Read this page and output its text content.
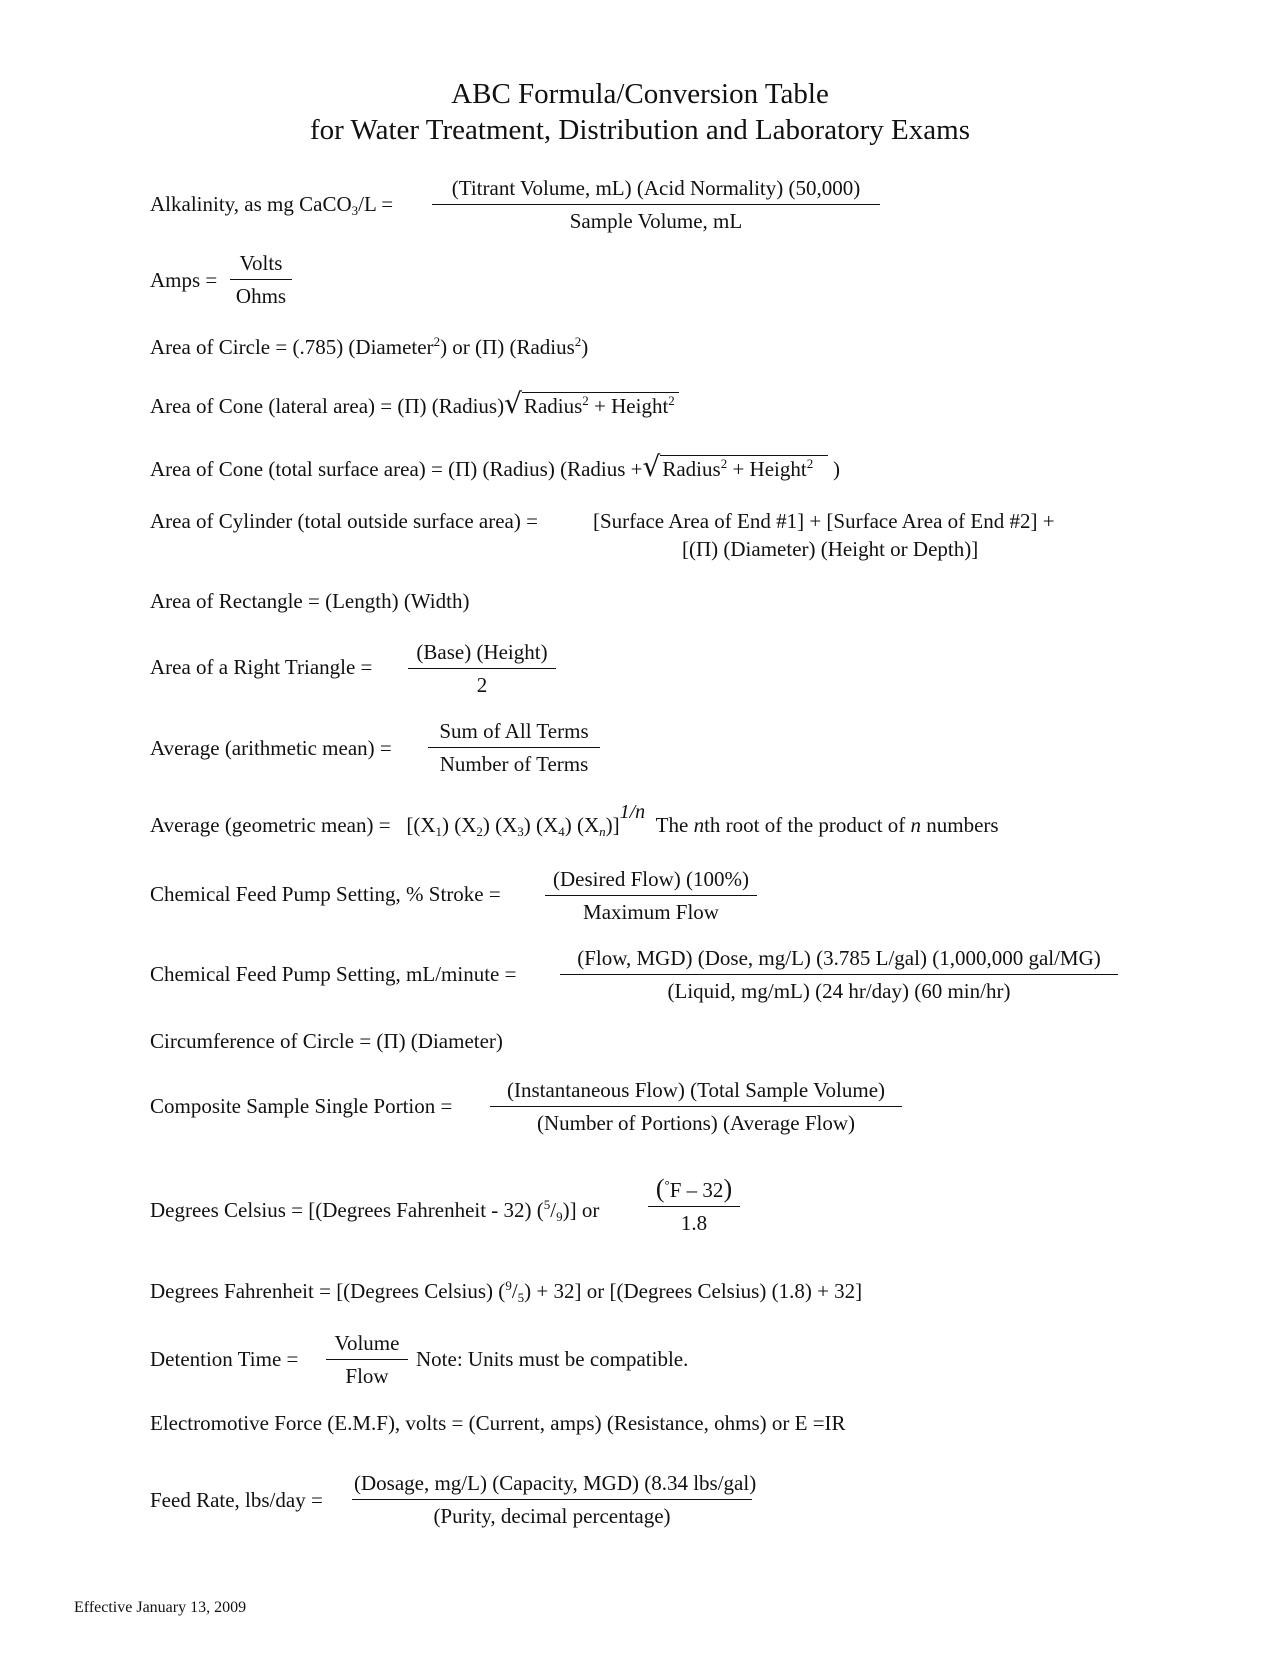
ABC Formula/Conversion Table
for Water Treatment, Distribution and Laboratory Exams
Alkalinity, as mg CaCO$_3$/L =
(Titrant Volume, mL) (Acid Normality) (50,000)
Sample Volume, mL
Amps =
Volts
Ohms
Area of Circle = (.785) (Diameter$^2$) or (Π) (Radius$^2$)
Area of Cone (lateral area) = (Π) (Radius)√Radius$^2$ + Height$^2$
Area of Cone (total surface area) = (Π) (Radius) (Radius +√Radius$^2$ + Height$^2$ )
Area of Cylinder (total outside surface area) =	[Surface Area of End #1] + [Surface Area of End #2] +
[(Π) (Diameter) (Height or Depth)]
Area of Rectangle = (Length) (Width)
Area of a Right Triangle =
(Base) (Height)
2
Average (arithmetic mean) =
Sum of All Terms
Number of Terms
Average (geometric mean) = [$(X_1)$ $(X_2)$ $(X_3)$ $(X_4)$ $(X_n)]1/n$  The nth root of the product of n numbers
Chemical Feed Pump Setting, % Stroke =
(Desired Flow) (100%)
Maximum Flow
Chemical Feed Pump Setting, mL/minute =
(Flow, MGD) (Dose, mg/L) (3.785 L/gal) (1,000,000 gal/MG)
(Liquid, mg/mL) (24 hr/day) (60 min/hr)
Circumference of Circle = (Π) (Diameter)
Composite Sample Single Portion =
(Instantaneous Flow) (Total Sample Volume)
(Number of Portions) (Average Flow)
Degrees Celsius = [(Degrees Fahrenheit - 32) $(^5/_9)$] or $\frac{(^\circ F - 32)}{1.8}$
Degrees Fahrenheit = [(Degrees Celsius) $(^9/_5) + 32$] or [(Degrees Celsius) (1.8) + 32]
Detention Time =
Volume
Flow
Note: Units must be compatible.
Electromotive Force (E.M.F), volts = (Current, amps) (Resistance, ohms) or E =IR
Feed Rate, lbs/day =
(Dosage, mg/L) (Capacity, MGD) (8.34 lbs/gal)
(Purity, decimal percentage)
Effective January 13, 2009
